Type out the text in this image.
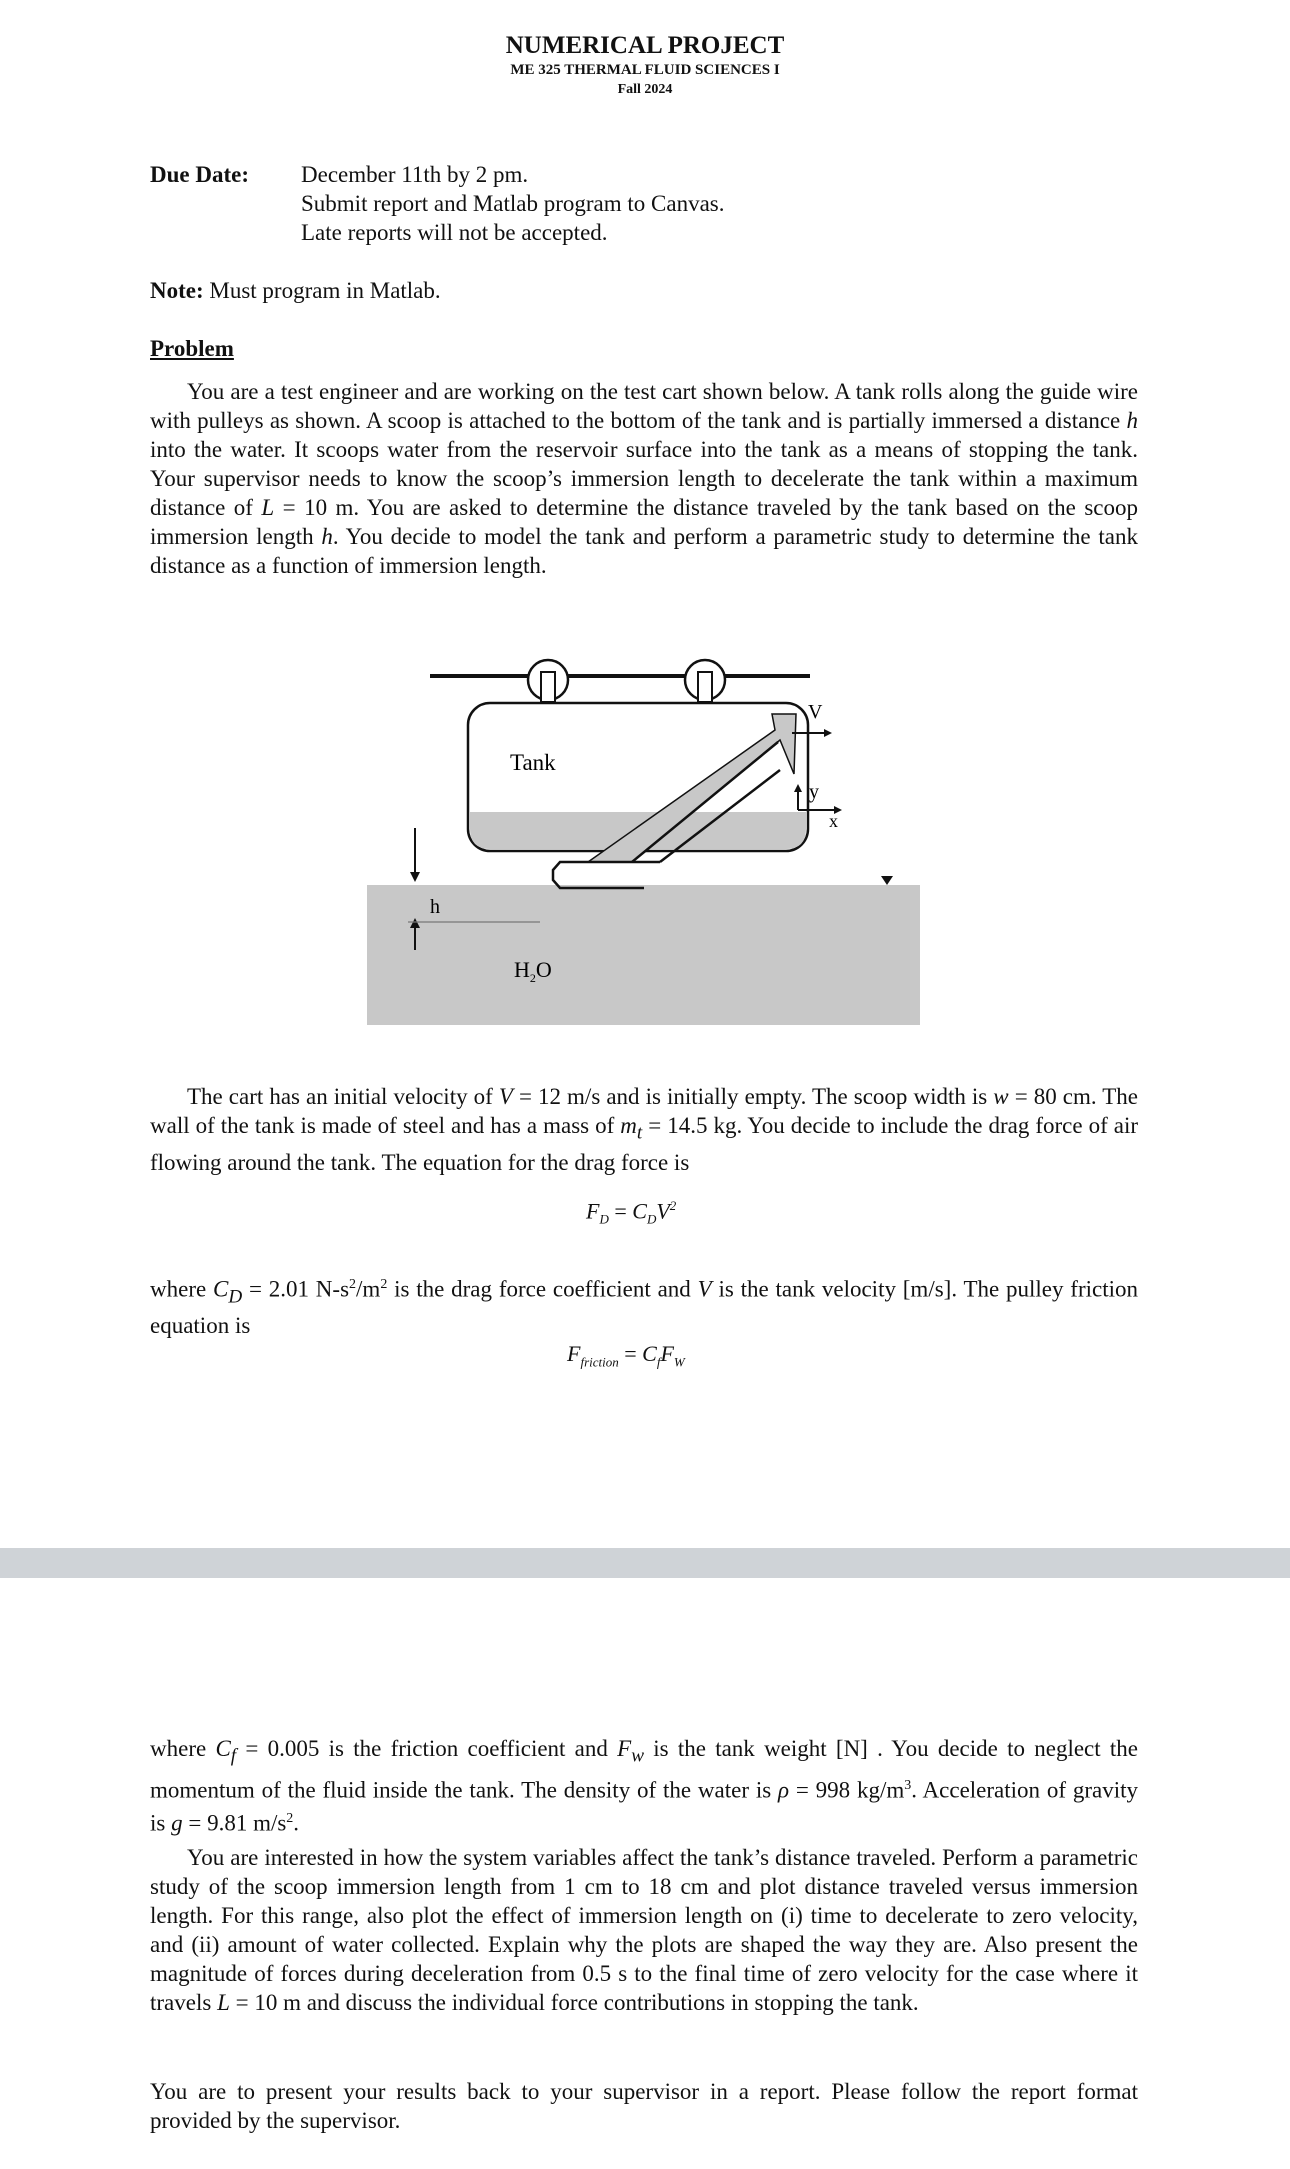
NUMERICAL PROJECT
ME 325 THERMAL FLUID SCIENCES I
Fall 2024
Due Date: December 11th by 2 pm.
Submit report and Matlab program to Canvas.
Late reports will not be accepted.
Note: Must program in Matlab.
Problem
You are a test engineer and are working on the test cart shown below. A tank rolls along the guide wire with pulleys as shown. A scoop is attached to the bottom of the tank and is partially immersed a distance h into the water. It scoops water from the reservoir surface into the tank as a means of stopping the tank. Your supervisor needs to know the scoop’s immersion length to decelerate the tank within a maximum distance of L = 10 m. You are asked to determine the distance traveled by the tank based on the scoop immersion length h. You decide to model the tank and perform a parametric study to determine the tank distance as a function of immersion length.
V
y
x
Tank
h
$H_2O$
The cart has an initial velocity of V = 12 m/s and is initially empty. The scoop width is w = 80 cm. The wall of the tank is made of steel and has a mass of $m_t = 14.5$ kg. You decide to include the drag force of air flowing around the tank. The equation for the drag force is
$F_D = C_DV^2$
where $C_D = 2.01$ $N-s^2/m^2$ is the drag force coefficient and V is the tank velocity [m/s]. The pulley friction equation is
$F_{friction} = C_fF_W$
where $C_f = 0.005$ is the friction coefficient and $F_w$ is the tank weight [N] . You decide to neglect the momentum of the fluid inside the tank. The density of the water is ρ = 998 $kg/m^3$. Acceleration of gravity is g = 9.81 $m/s^2$.
You are interested in how the system variables affect the tank’s distance traveled. Perform a parametric study of the scoop immersion length from 1 cm to 18 cm and plot distance traveled versus immersion length. For this range, also plot the effect of immersion length on (i) time to decelerate to zero velocity, and (ii) amount of water collected. Explain why the plots are shaped the way they are. Also present the magnitude of forces during deceleration from 0.5 s to the final time of zero velocity for the case where it travels L = 10 m and discuss the individual force contributions in stopping the tank.
You are to present your results back to your supervisor in a report. Please follow the report format provided by the supervisor.
